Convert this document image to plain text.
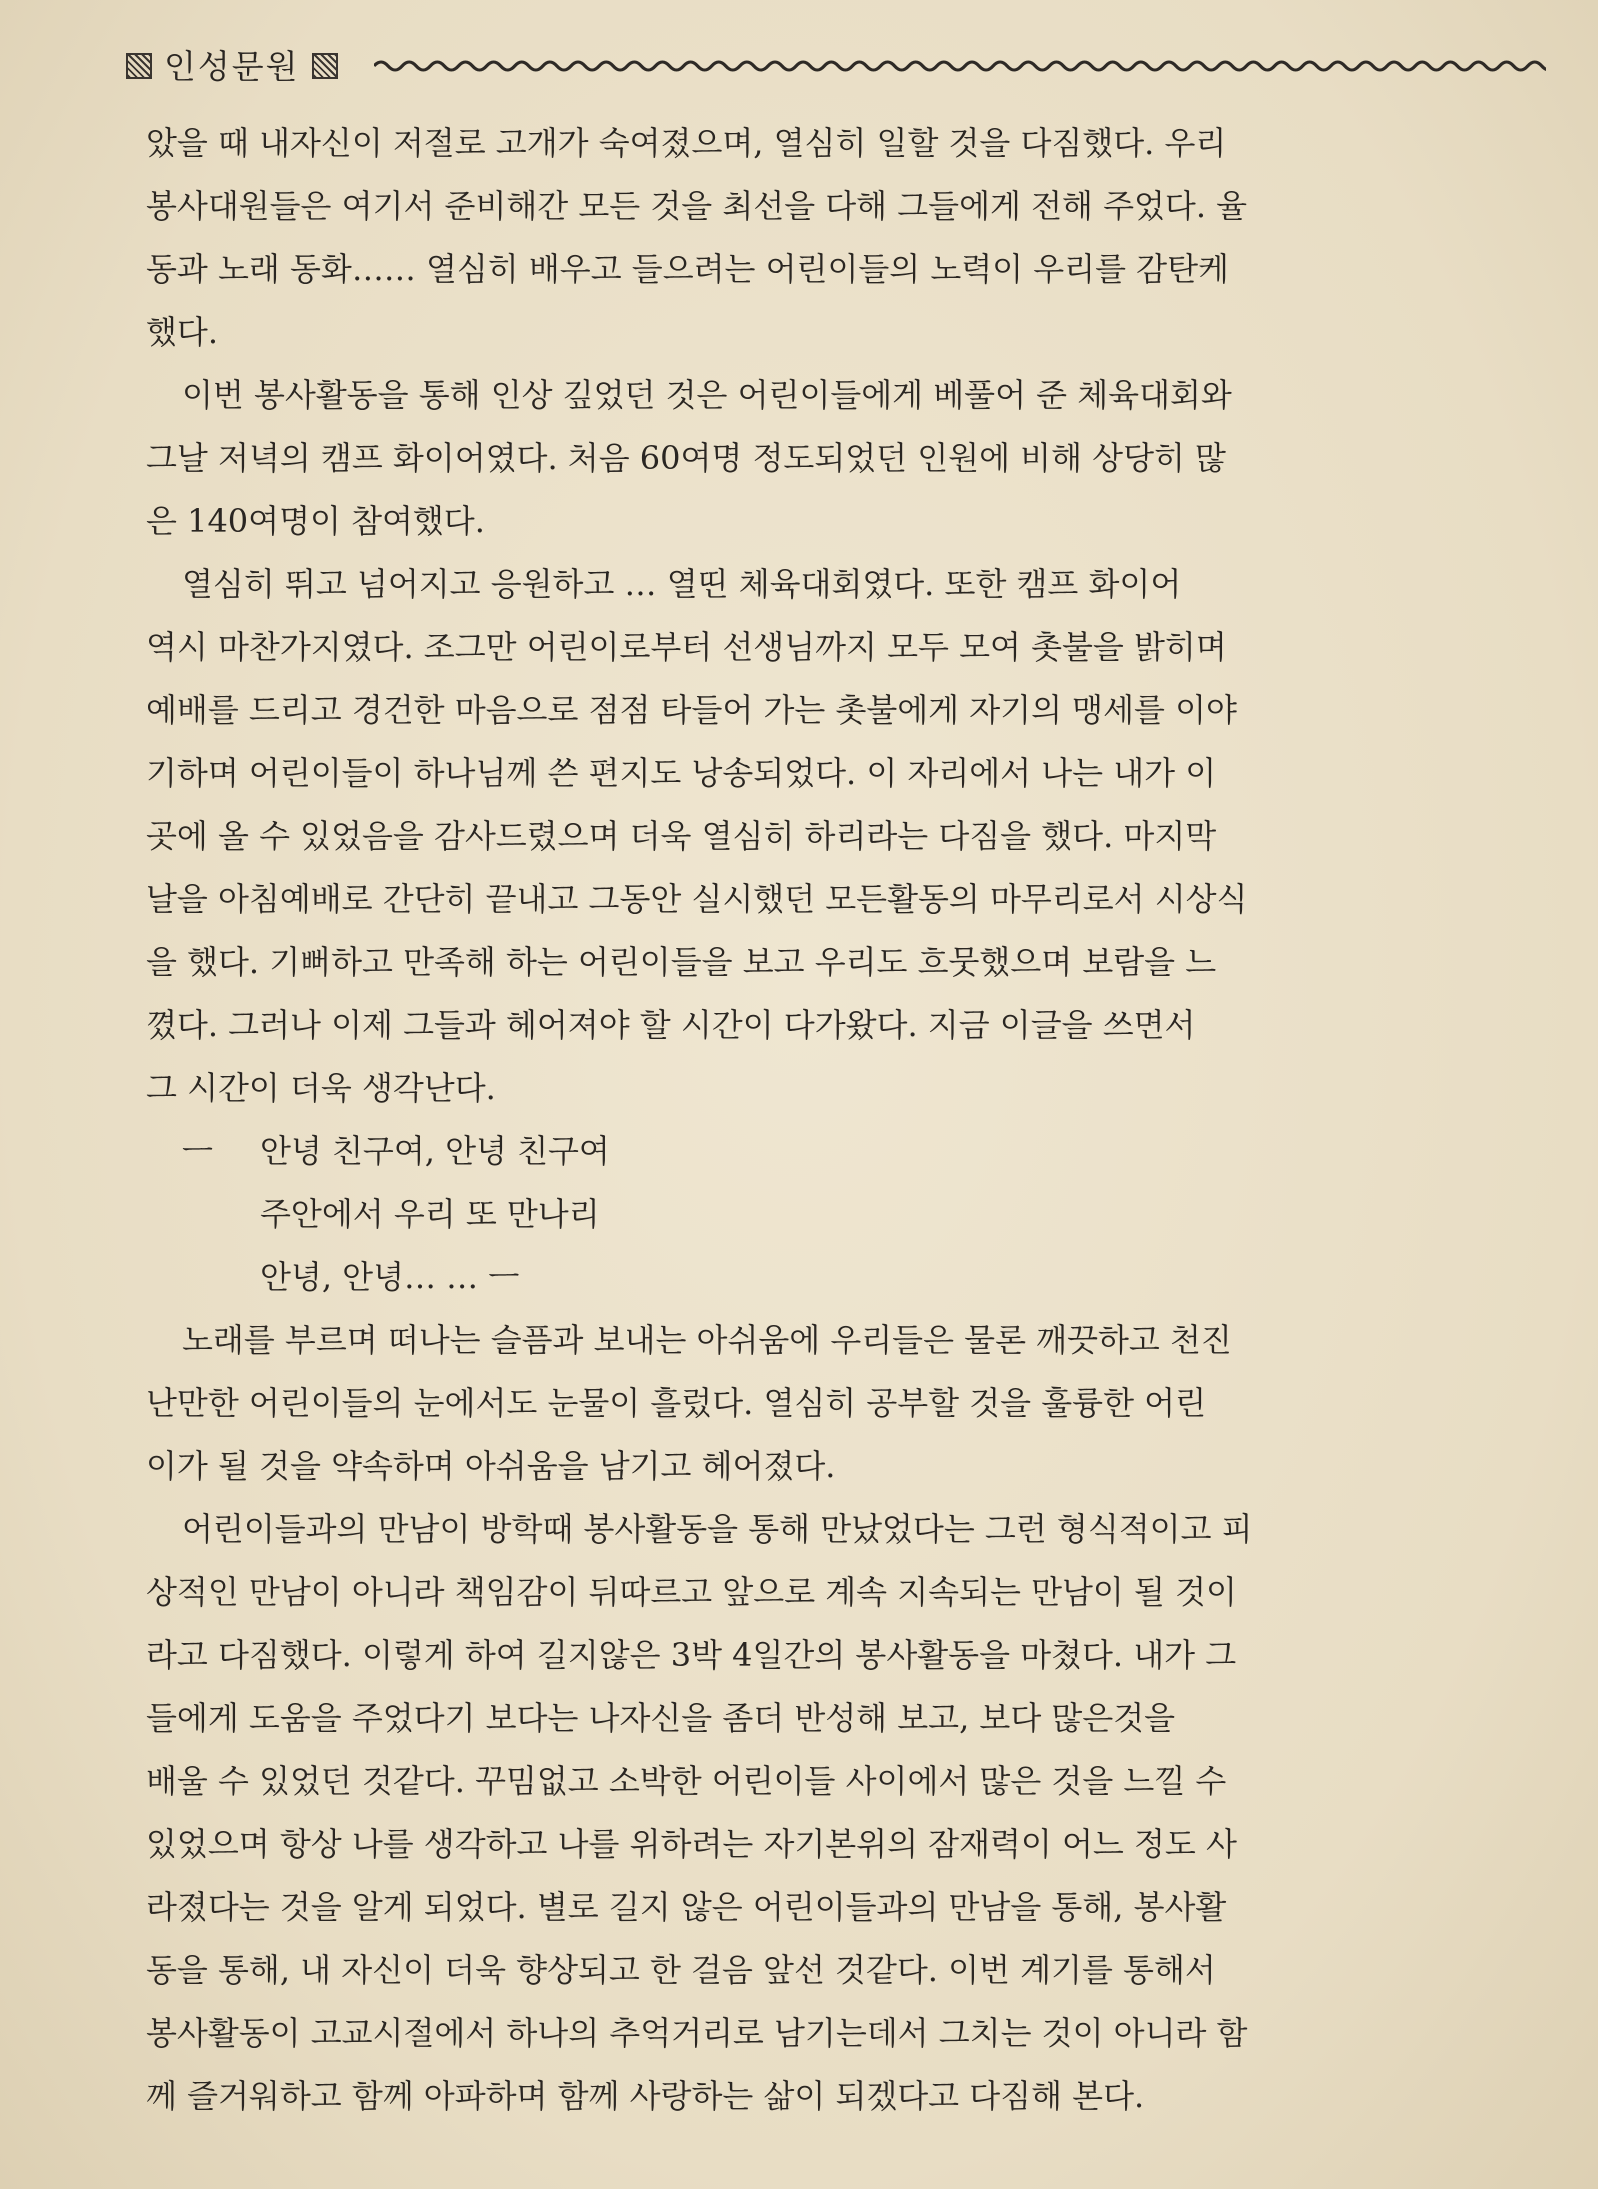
인성문원
았을 때 내자신이 저절로 고개가 숙여졌으며, 열심히 일할 것을 다짐했다. 우리
봉사대원들은 여기서 준비해간 모든 것을 최선을 다해 그들에게 전해 주었다. 율
동과 노래 동화…… 열심히 배우고 들으려는 어린이들의 노력이 우리를 감탄케
했다.
이번 봉사활동을 통해 인상 깊었던 것은 어린이들에게 베풀어 준 체육대회와
그날 저녁의 캠프 화이어였다. 처음 60여명 정도되었던 인원에 비해 상당히 많
은 140여명이 참여했다.
열심히 뛰고 넘어지고 응원하고 … 열띤 체육대회였다. 또한 캠프 화이어
역시 마찬가지였다. 조그만 어린이로부터 선생님까지 모두 모여 촛불을 밝히며
예배를 드리고 경건한 마음으로 점점 타들어 가는 촛불에게 자기의 맹세를 이야
기하며 어린이들이 하나님께 쓴 편지도 낭송되었다. 이 자리에서 나는 내가 이
곳에 올 수 있었음을 감사드렸으며 더욱 열심히 하리라는 다짐을 했다. 마지막
날을 아침예배로 간단히 끝내고 그동안 실시했던 모든활동의 마무리로서 시상식
을 했다. 기뻐하고 만족해 하는 어린이들을 보고 우리도 흐뭇했으며 보람을 느
꼈다. 그러나 이제 그들과 헤어져야 할 시간이 다가왔다. 지금 이글을 쓰면서
그 시간이 더욱 생각난다.
ㅡ 안녕 친구여, 안녕 친구여
주안에서 우리 또 만나리
안녕, 안녕… … ㅡ
노래를 부르며 떠나는 슬픔과 보내는 아쉬움에 우리들은 물론 깨끗하고 천진
난만한 어린이들의 눈에서도 눈물이 흘렀다. 열심히 공부할 것을 훌륭한 어린
이가 될 것을 약속하며 아쉬움을 남기고 헤어졌다.
어린이들과의 만남이 방학때 봉사활동을 통해 만났었다는 그런 형식적이고 피
상적인 만남이 아니라 책임감이 뒤따르고 앞으로 계속 지속되는 만남이 될 것이
라고 다짐했다. 이렇게 하여 길지않은 3박 4일간의 봉사활동을 마쳤다. 내가 그
들에게 도움을 주었다기 보다는 나자신을 좀더 반성해 보고, 보다 많은것을
배울 수 있었던 것같다. 꾸밈없고 소박한 어린이들 사이에서 많은 것을 느낄 수
있었으며 항상 나를 생각하고 나를 위하려는 자기본위의 잠재력이 어느 정도 사
라졌다는 것을 알게 되었다. 별로 길지 않은 어린이들과의 만남을 통해, 봉사활
동을 통해, 내 자신이 더욱 향상되고 한 걸음 앞선 것같다. 이번 계기를 통해서
봉사활동이 고교시절에서 하나의 추억거리로 남기는데서 그치는 것이 아니라 함
께 즐거워하고 함께 아파하며 함께 사랑하는 삶이 되겠다고 다짐해 본다.
